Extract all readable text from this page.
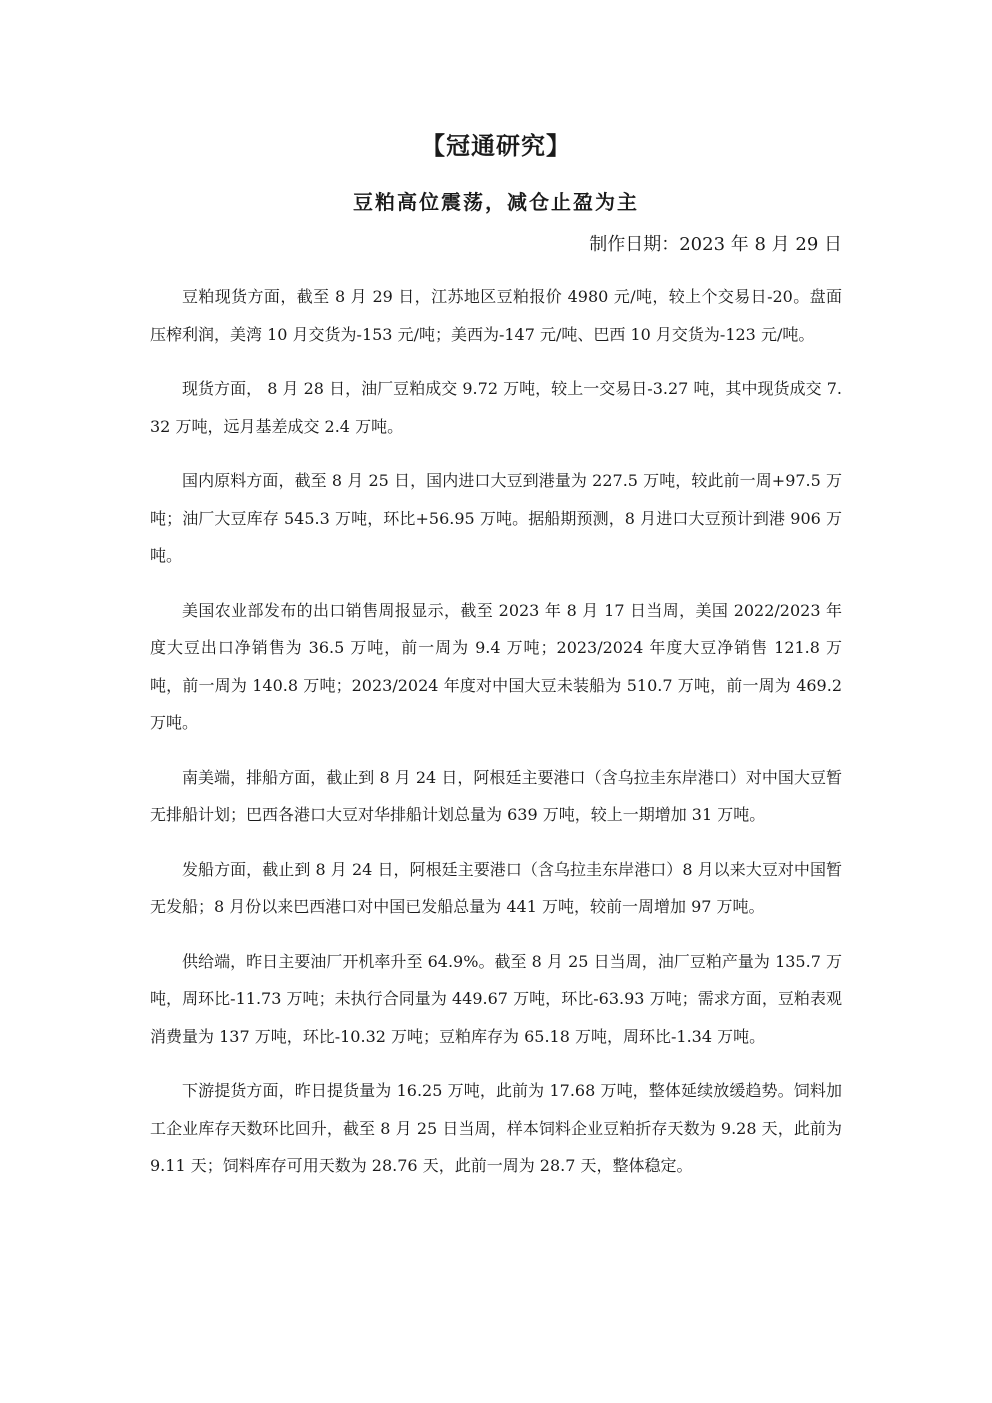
【冠通研究】
豆粕高位震荡，减仓止盈为主
制作日期：2023 年 8 月 29 日

豆粕现货方面，截至 8 月 29 日，江苏地区豆粕报价 4980 元/吨，较上个交易日-20。盘面压榨利润，美湾 10 月交货为-153 元/吨；美西为-147 元/吨、巴西 10 月交货为-123 元/吨。

现货方面， 8 月 28 日，油厂豆粕成交 9.72 万吨，较上一交易日-3.27 吨，其中现货成交 7.32 万吨，远月基差成交 2.4 万吨。

国内原料方面，截至 8 月 25 日，国内进口大豆到港量为 227.5 万吨，较此前一周+97.5 万吨；油厂大豆库存 545.3 万吨，环比+56.95 万吨。据船期预测，8 月进口大豆预计到港 906 万吨。

美国农业部发布的出口销售周报显示，截至 2023 年 8 月 17 日当周，美国 2022/2023 年度大豆出口净销售为 36.5 万吨，前一周为 9.4 万吨；2023/2024 年度大豆净销售 121.8 万吨，前一周为 140.8 万吨；2023/2024 年度对中国大豆未装船为 510.7 万吨，前一周为 469.2 万吨。

南美端，排船方面，截止到 8 月 24 日，阿根廷主要港口（含乌拉圭东岸港口）对中国大豆暂无排船计划；巴西各港口大豆对华排船计划总量为 639 万吨，较上一期增加 31 万吨。

发船方面，截止到 8 月 24 日，阿根廷主要港口（含乌拉圭东岸港口）8 月以来大豆对中国暂无发船；8 月份以来巴西港口对中国已发船总量为 441 万吨，较前一周增加 97 万吨。

供给端，昨日主要油厂开机率升至 64.9%。截至 8 月 25 日当周，油厂豆粕产量为 135.7 万吨，周环比-11.73 万吨；未执行合同量为 449.67 万吨，环比-63.93 万吨；需求方面，豆粕表观消费量为 137 万吨，环比-10.32 万吨；豆粕库存为 65.18 万吨，周环比-1.34 万吨。

下游提货方面，昨日提货量为 16.25 万吨，此前为 17.68 万吨，整体延续放缓趋势。饲料加工企业库存天数环比回升，截至 8 月 25 日当周，样本饲料企业豆粕折存天数为 9.28 天，此前为 9.11 天；饲料库存可用天数为 28.76 天，此前一周为 28.7 天，整体稳定。
